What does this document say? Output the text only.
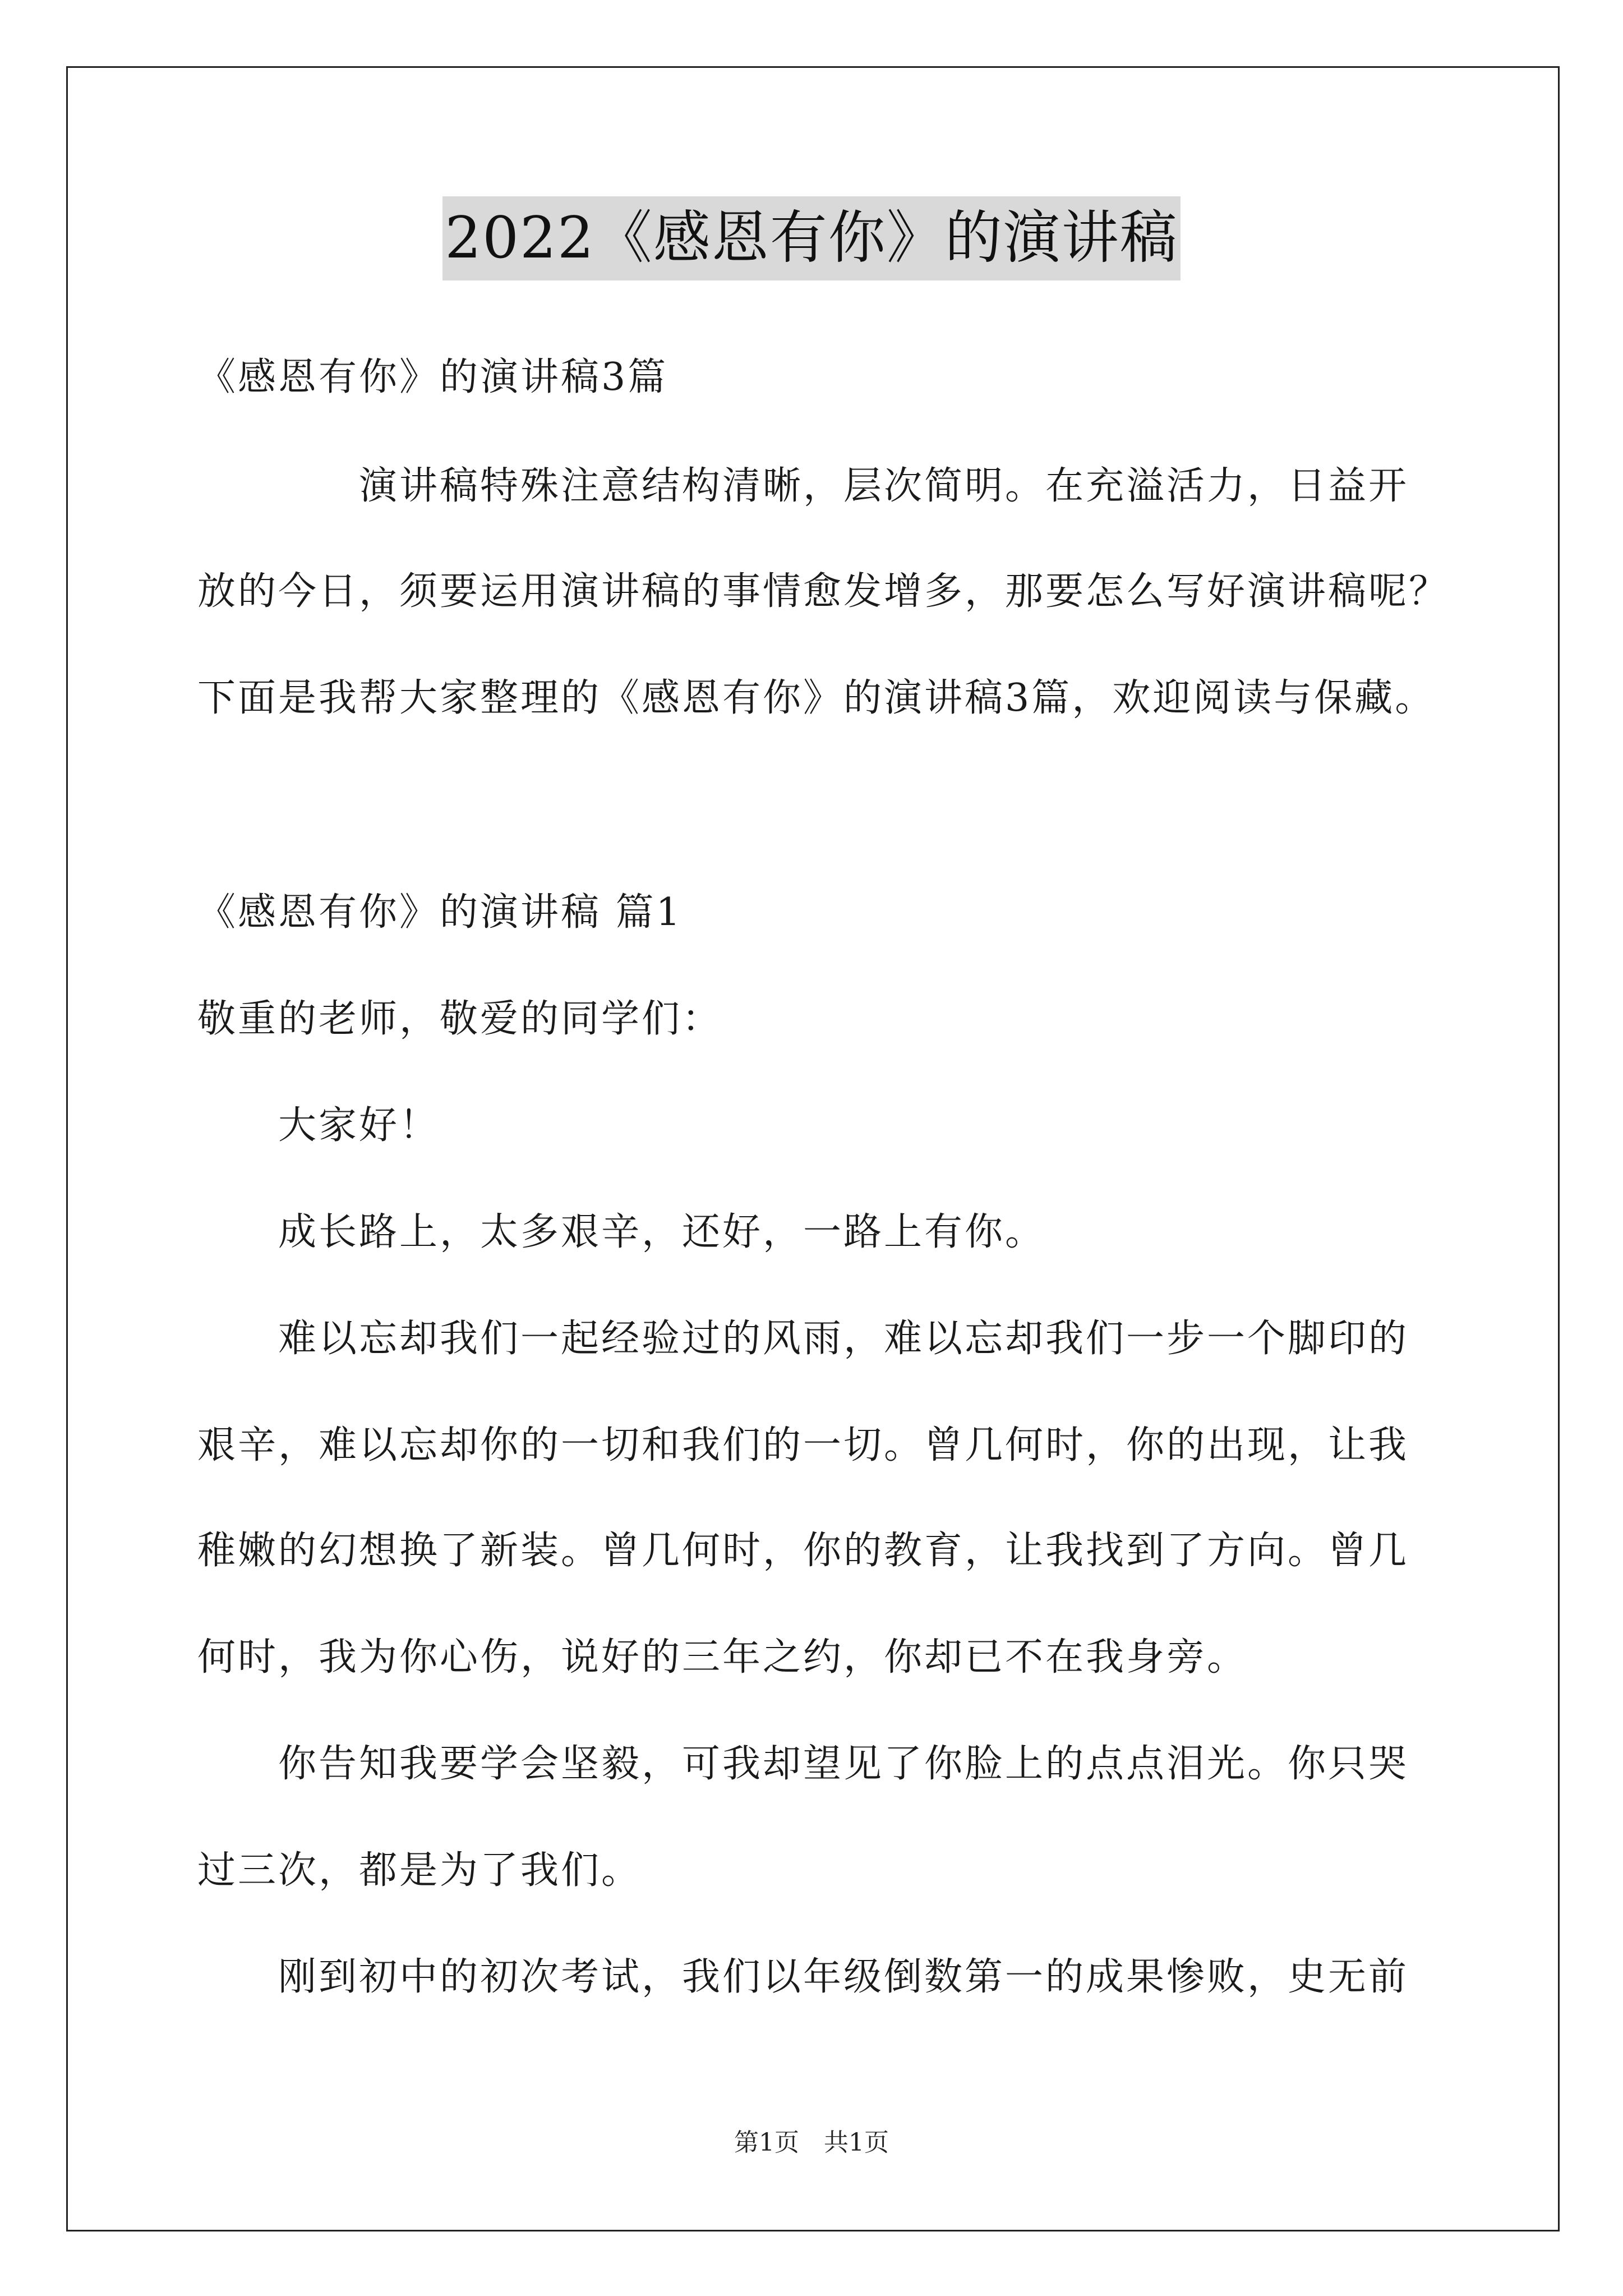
2022《感恩有你》的演讲稿
《感恩有你》的演讲稿3篇
演讲稿特殊注意结构清晰，层次简明。在充溢活力，日益开
放的今日，须要运用演讲稿的事情愈发增多，那要怎么写好演讲稿呢？
下面是我帮大家整理的《感恩有你》的演讲稿3篇，欢迎阅读与保藏。
《感恩有你》的演讲稿 篇1
敬重的老师，敬爱的同学们：
大家好！
成长路上，太多艰辛，还好，一路上有你。
难以忘却我们一起经验过的风雨，难以忘却我们一步一个脚印的
艰辛，难以忘却你的一切和我们的一切。曾几何时，你的出现，让我
稚嫩的幻想换了新装。曾几何时，你的教育，让我找到了方向。曾几
何时，我为你心伤，说好的三年之约，你却已不在我身旁。
你告知我要学会坚毅，可我却望见了你脸上的点点泪光。你只哭
过三次，都是为了我们。
刚到初中的初次考试，我们以年级倒数第一的成果惨败，史无前
第1页　共1页
